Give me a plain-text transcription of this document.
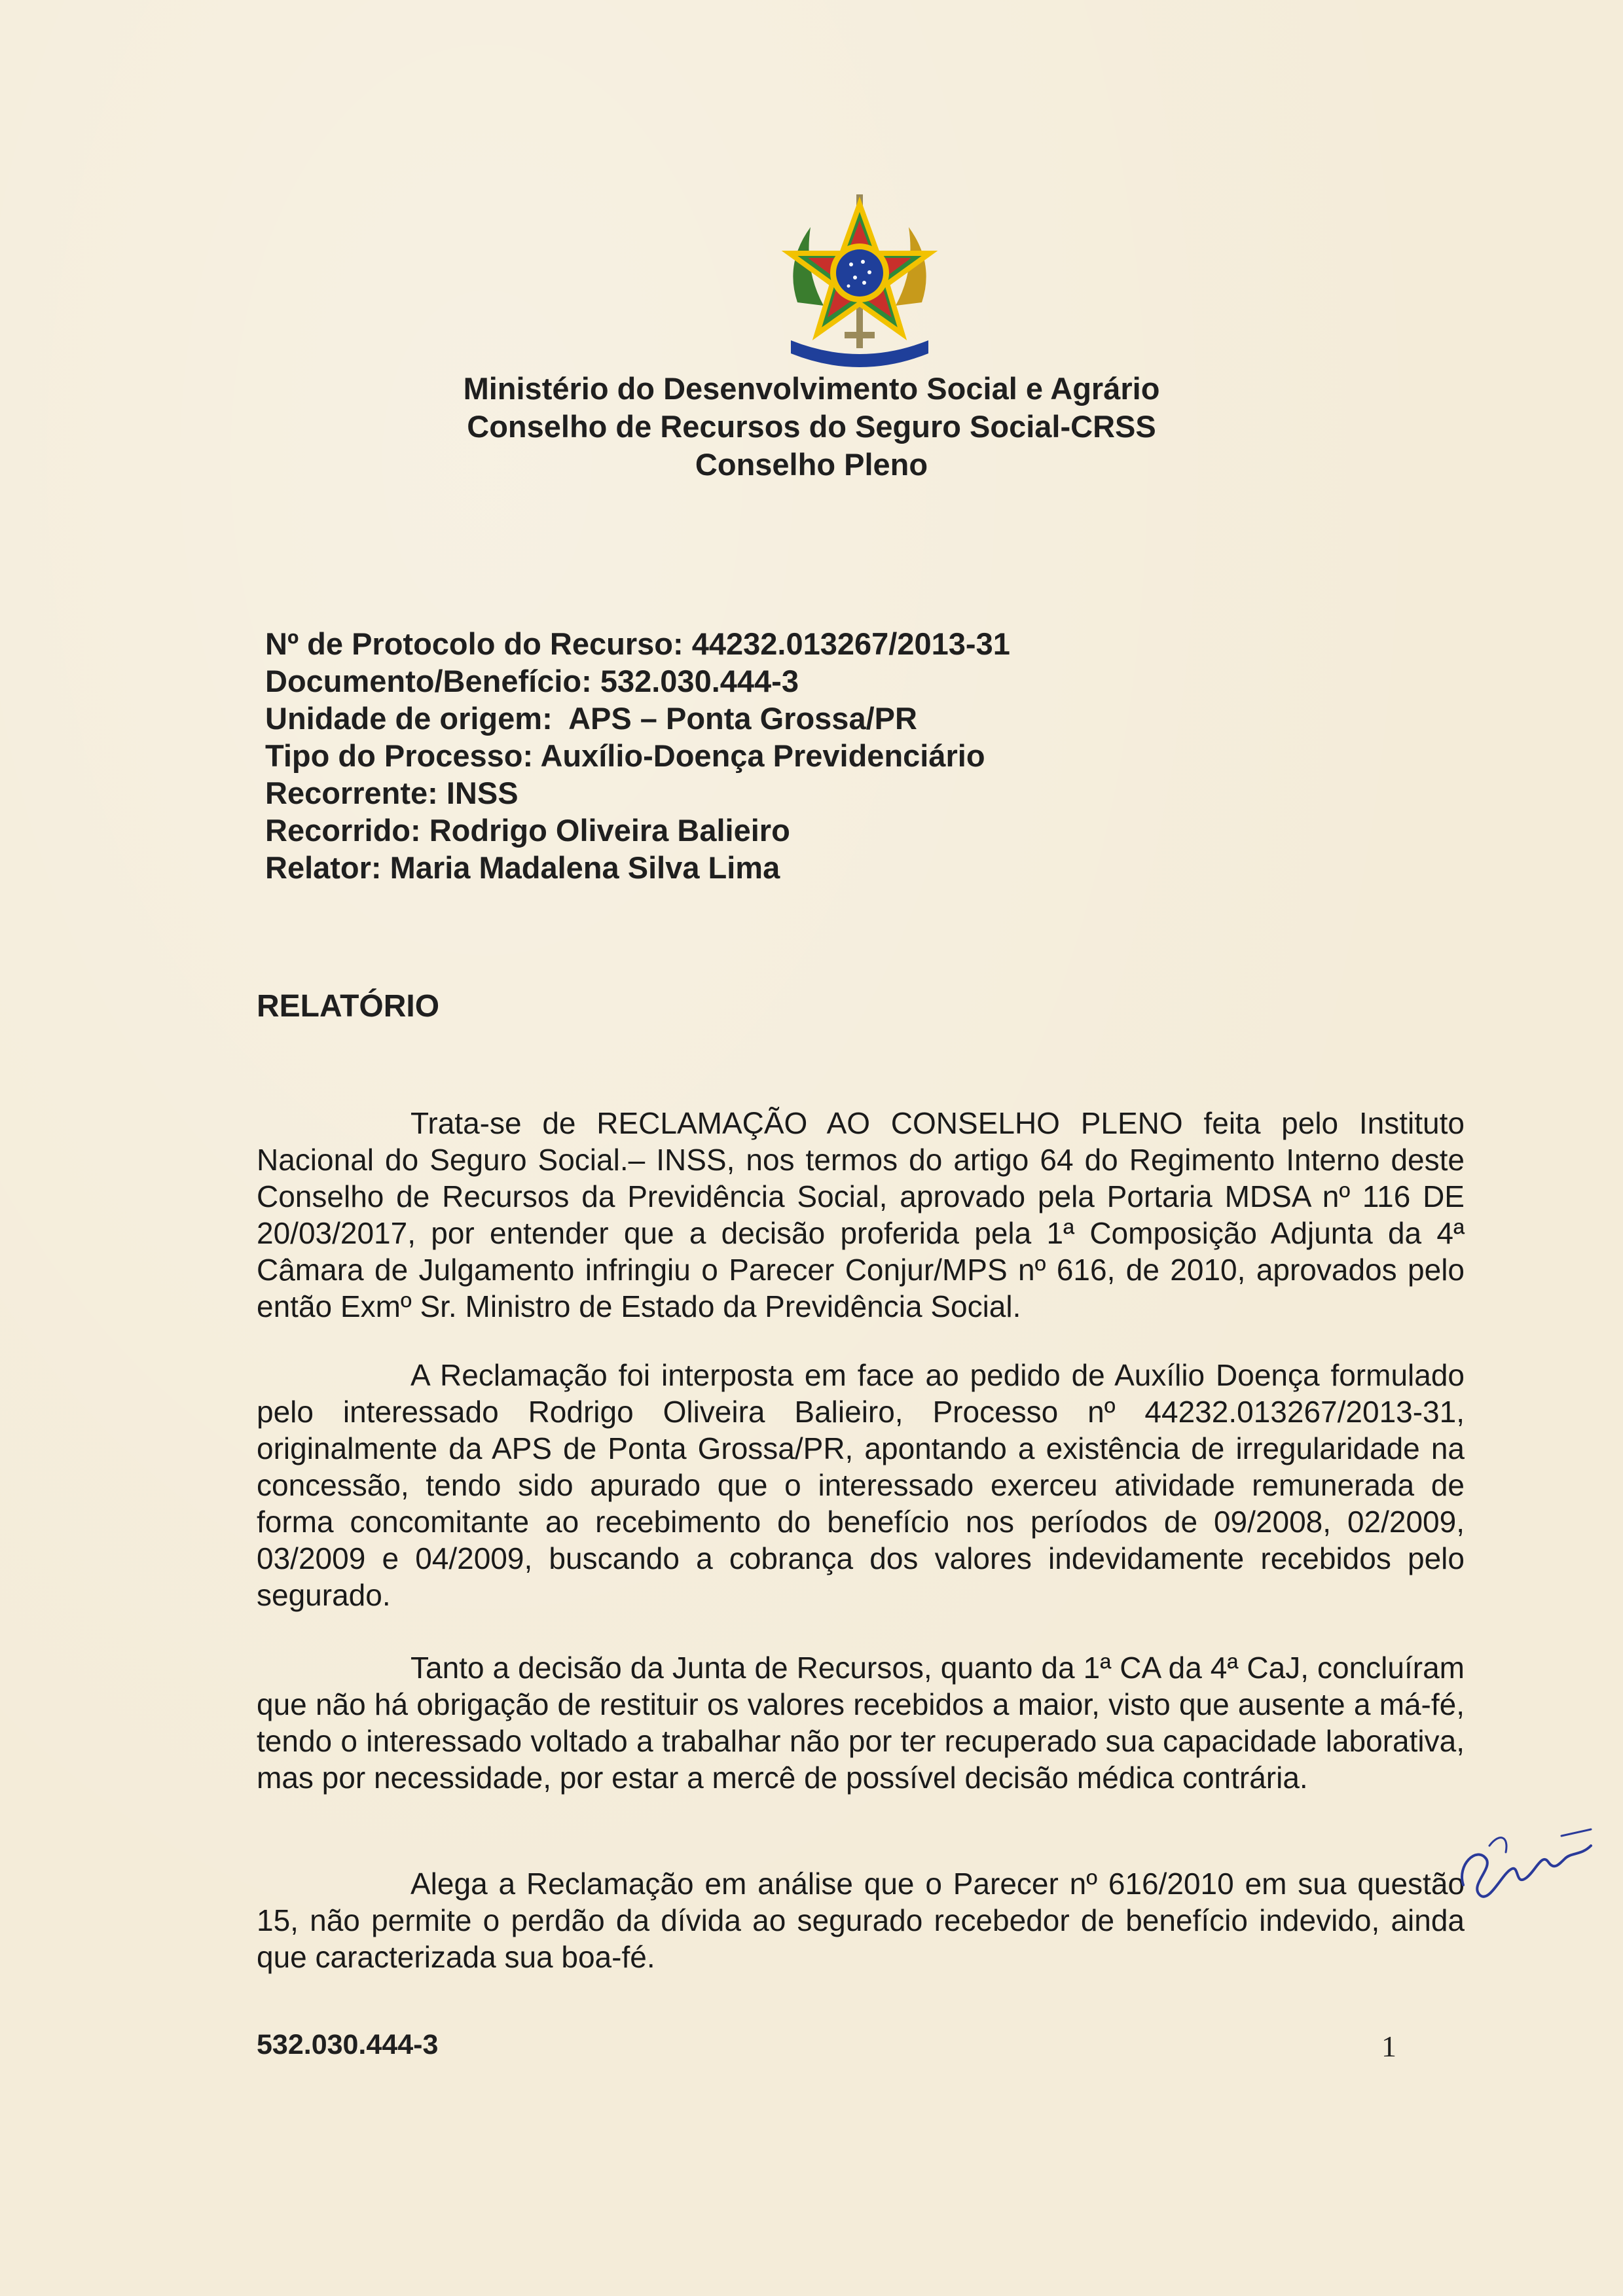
Ministério do Desenvolvimento Social e Agrário
Conselho de Recursos do Seguro Social-CRSS
Conselho Pleno
Nº de Protocolo do Recurso: 44232.013267/2013-31
Documento/Benefício: 532.030.444-3
Unidade de origem:  APS – Ponta Grossa/PR
Tipo do Processo: Auxílio-Doença Previdenciário
Recorrente: INSS
Recorrido: Rodrigo Oliveira Balieiro
Relator: Maria Madalena Silva Lima
RELATÓRIO
Trata-se de RECLAMAÇÃO AO CONSELHO PLENO feita pelo Instituto Nacional do Seguro Social.– INSS, nos termos do artigo 64 do Regimento Interno deste Conselho de Recursos da Previdência Social, aprovado pela Portaria MDSA nº 116 DE 20/03/2017, por entender que a decisão proferida pela 1ª Composição Adjunta da 4ª Câmara de Julgamento infringiu o Parecer Conjur/MPS nº 616, de 2010, aprovados pelo então Exmº Sr. Ministro de Estado da Previdência Social.
A Reclamação foi interposta em face ao pedido de Auxílio Doença formulado pelo interessado Rodrigo Oliveira Balieiro, Processo nº 44232.013267/2013-31, originalmente da APS de Ponta Grossa/PR, apontando a existência de irregularidade na concessão, tendo sido apurado que o interessado exerceu atividade remunerada de forma concomitante ao recebimento do benefício nos períodos de 09/2008, 02/2009, 03/2009 e 04/2009, buscando a cobrança dos valores indevidamente recebidos pelo segurado.
Tanto a decisão da Junta de Recursos, quanto da 1ª CA da 4ª CaJ, concluíram que não há obrigação de restituir os valores recebidos a maior, visto que ausente a má-fé, tendo o interessado voltado a trabalhar não por ter recuperado sua capacidade laborativa, mas por necessidade, por estar a mercê de possível decisão médica contrária.
Alega a Reclamação em análise que o Parecer nº 616/2010 em sua questão 15, não permite o perdão da dívida ao segurado recebedor de benefício indevido, ainda que caracterizada sua boa-fé.
532.030.444-3	1
